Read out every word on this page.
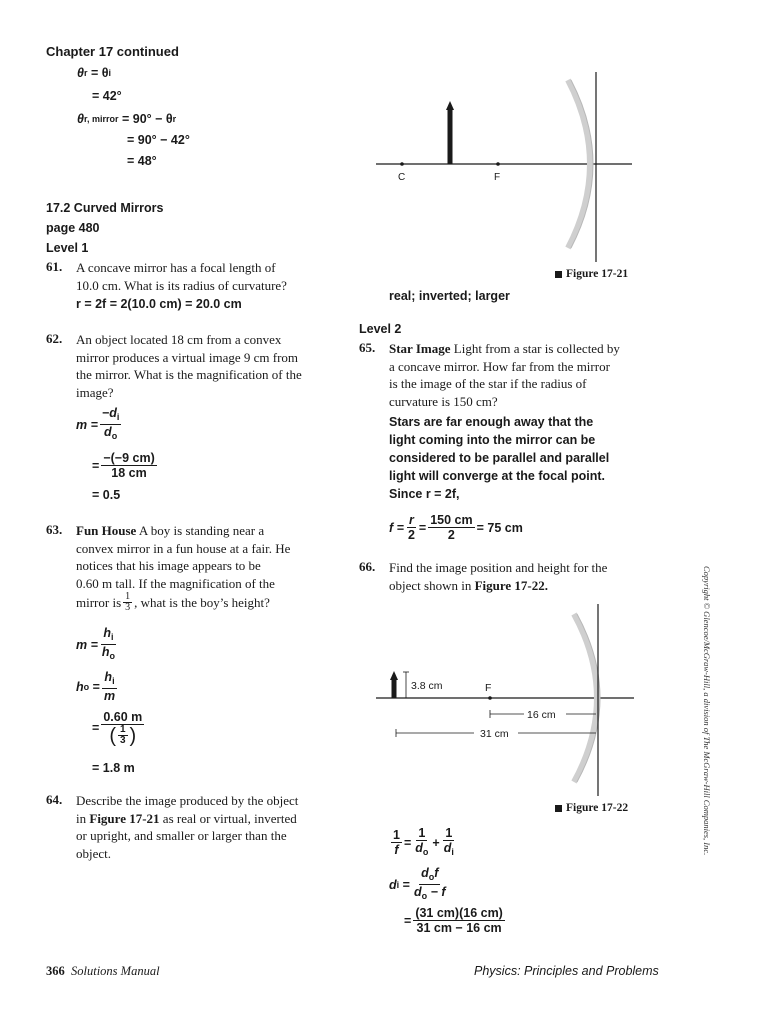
Chapter 17 continued
θ r
= θ i
= 42°
θ r, mirror
= 90° − θ r
= 90° − 42°
= 48°
17.2 Curved Mirrors
page 480
Level 1
61. A concave mirror has a focal length of
10.0 cm. What is its radius of curvature?
r = 2f = 2(10.0 cm) = 20.0 cm
62. An object located 18 cm from a convex
mirror produces a virtual image 9 cm from
the mirror. What is the magnification of the
image?
$m = \frac{-d_i}{d_o}$
= $\frac{-(-9 cm)}{18 cm}$
= 0.5
63. Fun House A boy is standing near a
convex mirror in a fun house at a fair. He
notices that his image appears to be
0.60 m tall. If the magnification of the
mirror is $\frac{1}{3}$ , what is the boy’s height?
$m = \frac{h_i}{h_o}$
h o
= $\frac{h_i}{m}$
= $\frac{0.60 m}{( \frac{1}{3} )}$
= 1.8 m
64. Describe the image produced by the object
in Figure 17-21 as real or virtual, inverted
or upright, and smaller or larger than the
object.
C	F
Figure 17-21
real; inverted; larger
Level 2
65. Star Image Light from a star is collected by
a concave mirror. How far from the mirror
is the image of the star if the radius of
curvature is 150 cm?
Stars are far enough away that the
light coming into the mirror can be
considered to be parallel and parallel
light will converge at the focal point.
Since r = 2f,
$f = \frac{r}{2} = \frac{150 cm}{2} = 75$ cm
66. Find the image position and height for the
object shown in Figure 17-22.
3.8 cm	F
16 cm
31 cm
Figure 17-22
$\frac{1}{f} = \frac{1}{d_o} + \frac{1}{d_i}$
d i
= $\frac{d_of}{d_o - f}$
= $\frac{(31 cm)(16 cm)}{31 cm - 16 cm}$
Copyright © Glencoe/McGraw-Hill, a division of The McGraw-Hill Companies, Inc.
366 Solutions Manual	Physics: Principles and Problems
